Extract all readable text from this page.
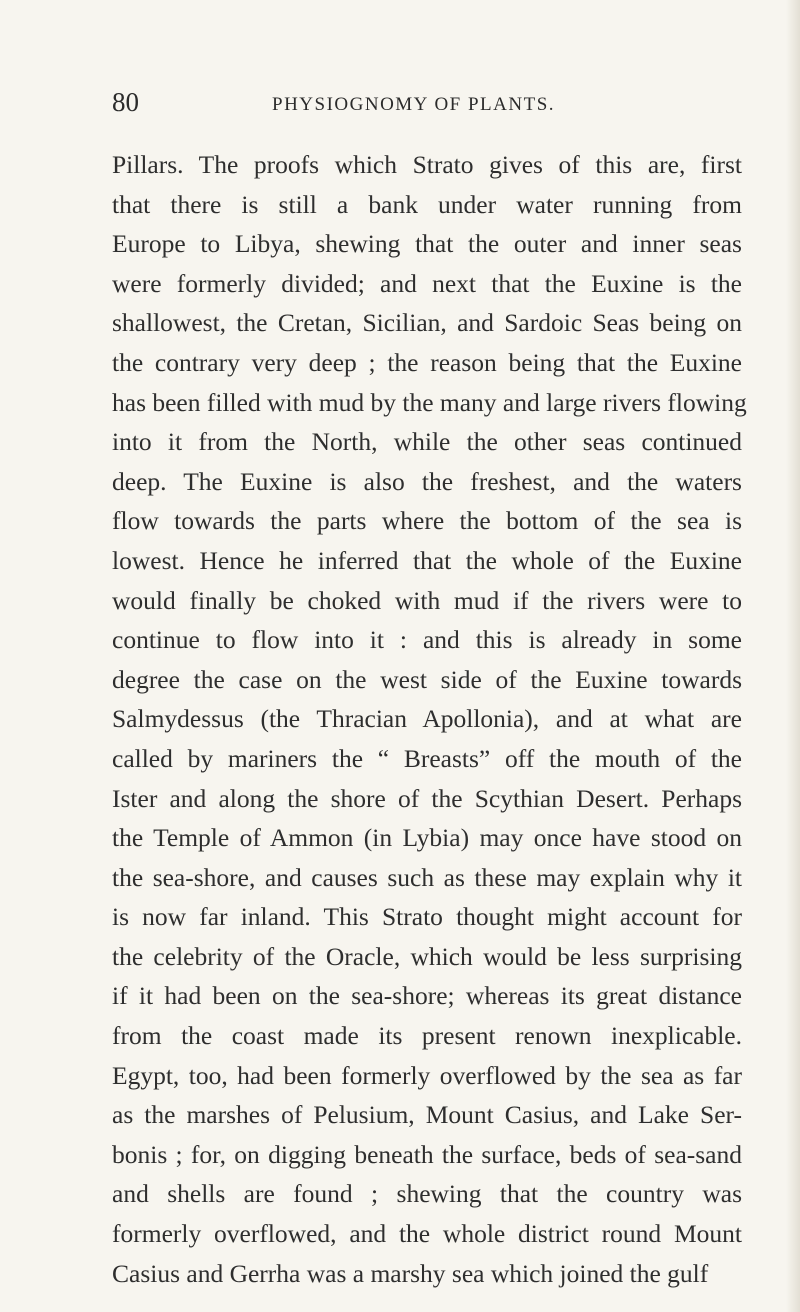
80	PHYSIOGNOMY OF PLANTS.
Pillars. The proofs which Strato gives of this are, first
that there is still a bank under water running from
Europe to Libya, shewing that the outer and inner seas
were formerly divided; and next that the Euxine is the
shallowest, the Cretan, Sicilian, and Sardoic Seas being on
the contrary very deep ; the reason being that the Euxine
has been filled with mud by the many and large rivers flowing
into it from the North, while the other seas continued
deep. The Euxine is also the freshest, and the waters
flow towards the parts where the bottom of the sea is
lowest. Hence he inferred that the whole of the Euxine
would finally be choked with mud if the rivers were to
continue to flow into it : and this is already in some
degree the case on the west side of the Euxine towards
Salmydessus (the Thracian Apollonia), and at what are
called by mariners the “ Breasts” off the mouth of the
Ister and along the shore of the Scythian Desert. Perhaps
the Temple of Ammon (in Lybia) may once have stood on
the sea-shore, and causes such as these may explain why it
is now far inland. This Strato thought might account for
the celebrity of the Oracle, which would be less surprising
if it had been on the sea-shore; whereas its great distance
from the coast made its present renown inexplicable.
Egypt, too, had been formerly overflowed by the sea as far
as the marshes of Pelusium, Mount Casius, and Lake Ser-
bonis ; for, on digging beneath the surface, beds of sea-sand
and shells are found ; shewing that the country was
formerly overflowed, and the whole district round Mount
Casius and Gerrha was a marshy sea which joined the gulf
